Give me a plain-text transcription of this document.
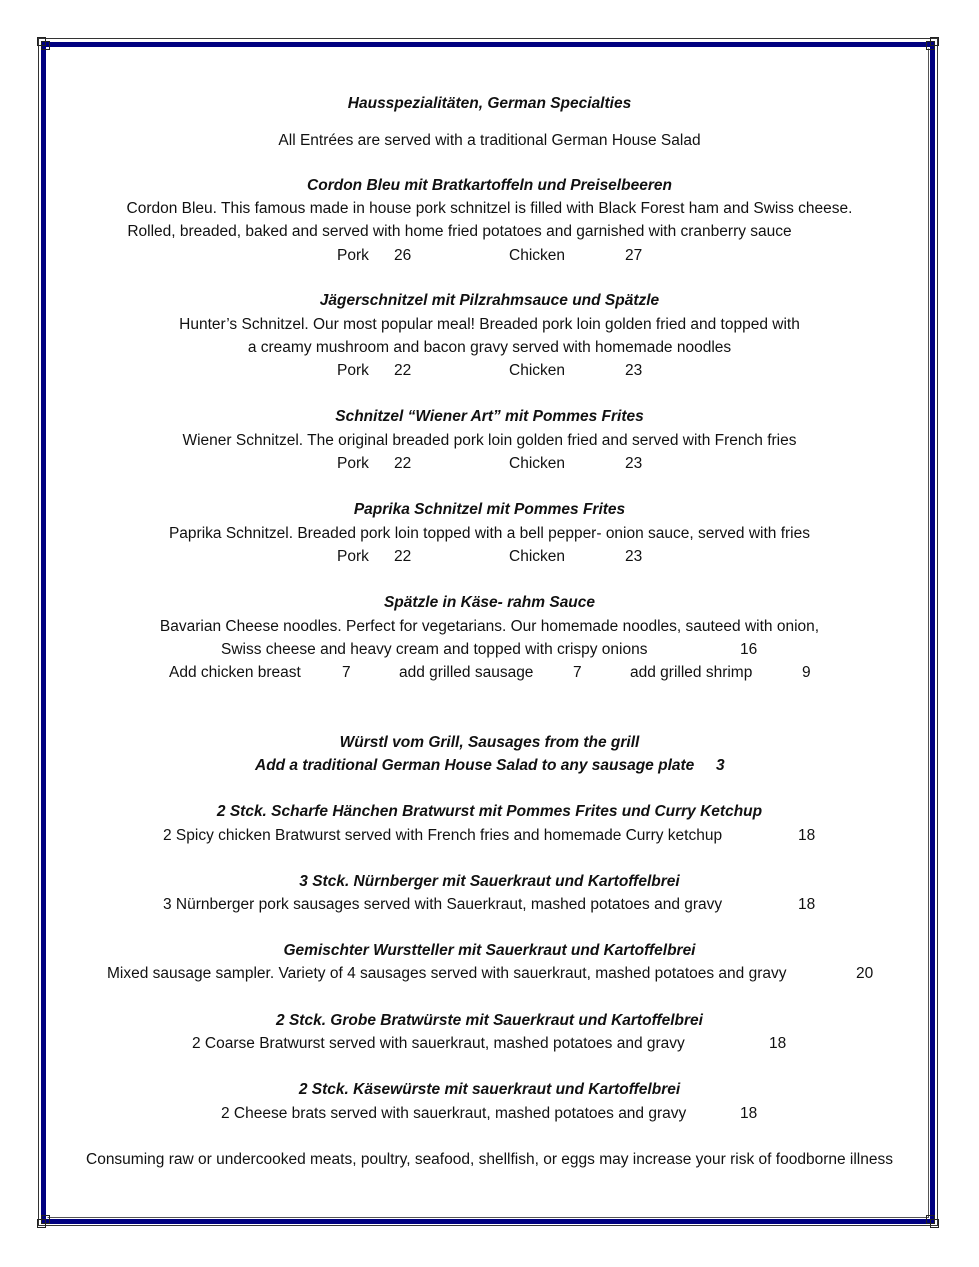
Hausspezialitäten, German Specialties
All Entrées are served with a traditional German House Salad
Cordon Bleu mit Bratkartoffeln und Preiselbeeren
Cordon Bleu. This famous made in house pork schnitzel is filled with Black Forest ham and Swiss cheese.
Rolled, breaded, baked and served with home fried potatoes and garnished with cranberry sauce
Pork 26	Chicken	27
Jägerschnitzel mit Pilzrahmsauce und Spätzle
Hunter’s Schnitzel. Our most popular meal! Breaded pork loin golden fried and topped with
a creamy mushroom and bacon gravy served with homemade noodles
Pork 22	Chicken	23
Schnitzel “Wiener Art” mit Pommes Frites
Wiener Schnitzel. The original breaded pork loin golden fried and served with French fries
Pork 22	Chicken	23
Paprika Schnitzel mit Pommes Frites
Paprika Schnitzel. Breaded pork loin topped with a bell pepper- onion sauce, served with fries
Pork 22	Chicken	23
Spätzle in Käse- rahm Sauce
Bavarian Cheese noodles. Perfect for vegetarians. Our homemade noodles, sauteed with onion,
Swiss cheese and heavy cream and topped with crispy onions	16
Add chicken breast	7	add grilled sausage	7	add grilled shrimp	9
Würstl vom Grill, Sausages from the grill
Add a traditional German House Salad to any sausage plate 3
2 Stck. Scharfe Hänchen Bratwurst mit Pommes Frites und Curry Ketchup
2 Spicy chicken Bratwurst served with French fries and homemade Curry ketchup	18
3 Stck. Nürnberger mit Sauerkraut und Kartoffelbrei
3 Nürnberger pork sausages served with Sauerkraut, mashed potatoes and gravy	18
Gemischter Wurstteller mit Sauerkraut und Kartoffelbrei
Mixed sausage sampler. Variety of 4 sausages served with sauerkraut, mashed potatoes and gravy	20
2 Stck. Grobe Bratwürste mit Sauerkraut und Kartoffelbrei
2 Coarse Bratwurst served with sauerkraut, mashed potatoes and gravy	18
2 Stck. Käsewürste mit sauerkraut und Kartoffelbrei
2 Cheese brats served with sauerkraut, mashed potatoes and gravy	18
Consuming raw or undercooked meats, poultry, seafood, shellfish, or eggs may increase your risk of foodborne illness
